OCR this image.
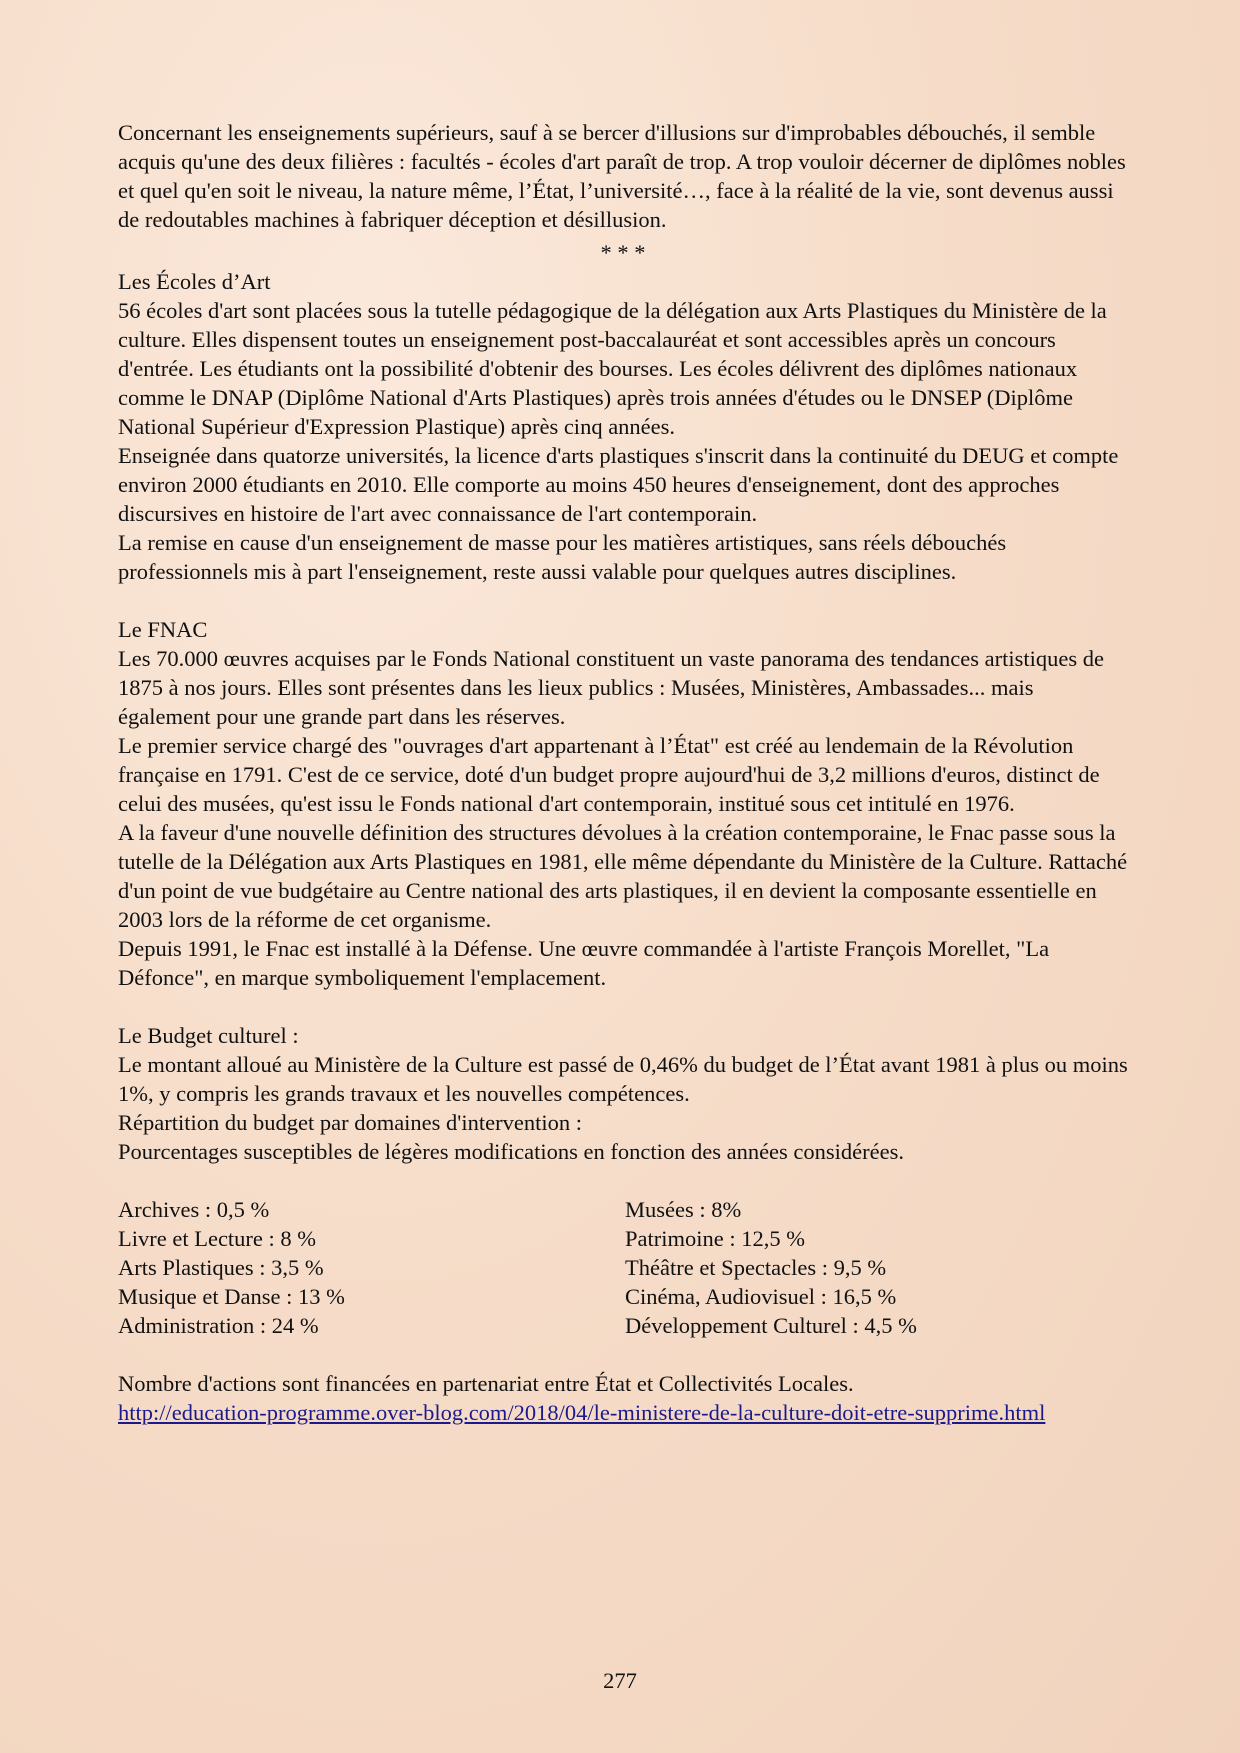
Concernant les enseignements supérieurs, sauf à se bercer d'illusions sur d'improbables débouchés, il semble acquis qu'une des deux filières : facultés - écoles d'art paraît de trop. A trop vouloir décerner de diplômes nobles et quel qu'en soit le niveau, la nature même, l’État, l’université…, face à la réalité de la vie, sont devenus aussi de redoutables machines à fabriquer déception et désillusion.

* * *

Les Écoles d’Art

56 écoles d'art sont placées sous la tutelle pédagogique de la délégation aux Arts Plastiques du Ministère de la culture. Elles dispensent toutes un enseignement post-baccalauréat et sont accessibles après un concours d'entrée. Les étudiants ont la possibilité d'obtenir des bourses. Les écoles délivrent des diplômes nationaux comme le DNAP (Diplôme National d'Arts Plastiques) après trois années d'études ou le DNSEP (Diplôme National Supérieur d'Expression Plastique) après cinq années.

Enseignée dans quatorze universités, la licence d'arts plastiques s'inscrit dans la continuité du DEUG et compte environ 2000 étudiants en 2010. Elle comporte au moins 450 heures d'enseignement, dont des approches discursives en histoire de l'art avec connaissance de l'art contemporain.

La remise en cause d'un enseignement de masse pour les matières artistiques, sans réels débouchés professionnels mis à part l'enseignement, reste aussi valable pour quelques autres disciplines.

Le FNAC

Les 70.000 œuvres acquises par le Fonds National constituent un vaste panorama des tendances artistiques de 1875 à nos jours. Elles sont présentes dans les lieux publics : Musées, Ministères, Ambassades... mais également pour une grande part dans les réserves.

Le premier service chargé des "ouvrages d'art appartenant à l’État" est créé au lendemain de la Révolution française en 1791. C'est de ce service, doté d'un budget propre aujourd'hui de 3,2 millions d'euros, distinct de celui des musées, qu'est issu le Fonds national d'art contemporain, institué sous cet intitulé en 1976.

A la faveur d'une nouvelle définition des structures dévolues à la création contemporaine, le Fnac passe sous la tutelle de la Délégation aux Arts Plastiques en 1981, elle même dépendante du Ministère de la Culture. Rattaché d'un point de vue budgétaire au Centre national des arts plastiques, il en devient la composante essentielle en 2003 lors de la réforme de cet organisme.

Depuis 1991, le Fnac est installé à la Défense. Une œuvre commandée à l'artiste François Morellet, "La Défonce", en marque symboliquement l'emplacement.

Le Budget culturel :

Le montant alloué au Ministère de la Culture est passé de 0,46% du budget de l’État avant 1981 à plus ou moins 1%, y compris les grands travaux et les nouvelles compétences.

Répartition du budget par domaines d'intervention :

Pourcentages susceptibles de légères modifications en fonction des années considérées.

Archives : 0,5 %	Musées : 8%
Livre et Lecture : 8 %	Patrimoine : 12,5 %
Arts Plastiques : 3,5 %	Théâtre et Spectacles : 9,5 %
Musique et Danse : 13 %	Cinéma, Audiovisuel : 16,5 %
Administration : 24 %	Développement Culturel : 4,5 %

Nombre d'actions sont financées en partenariat entre État et Collectivités Locales.

http://education-programme.over-blog.com/2018/04/le-ministere-de-la-culture-doit-etre-supprime.html

277
